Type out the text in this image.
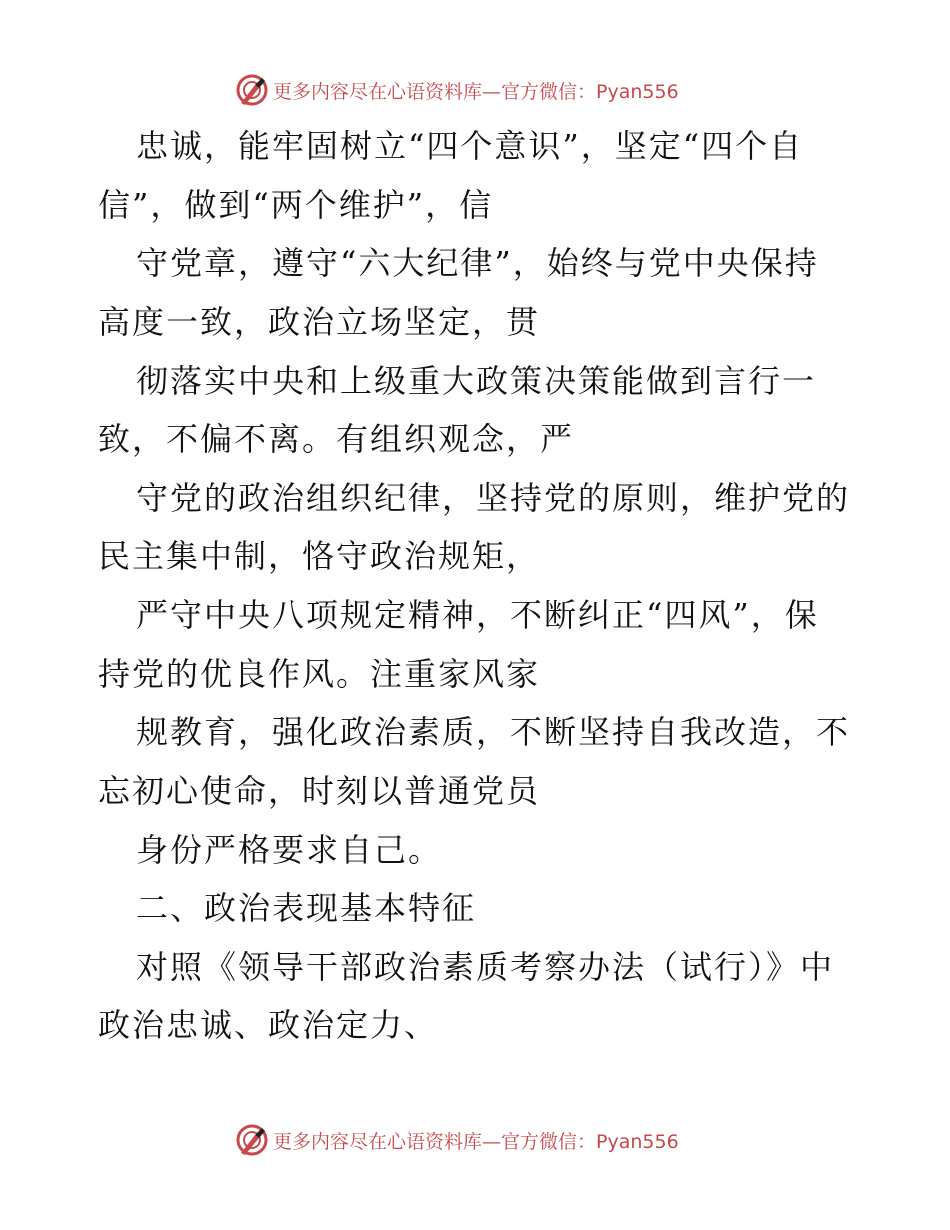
更多内容尽在心语资料库— 官方微信：Pyan556
忠诚，能牢固树立“四个意识”，坚定“四个自
信”，做到“两个维护”，信
守党章，遵守“六大纪律”，始终与党中央保持
高度一致，政治立场坚定，贯
彻落实中央和上级重大政策决策能做到言行一
致，不偏不离。有组织观念，严
守党的政治组织纪律，坚持党的原则，维护党的
民主集中制，恪守政治规矩，
严守中央八项规定精神，不断纠正“四风”，保
持党的优良作风。注重家风家
规教育，强化政治素质，不断坚持自我改造，不
忘初心使命，时刻以普通党员
身份严格要求自己。
二、政治表现基本特征
对照《领导干部政治素质考察办法（试行）》中
政治忠诚、政治定力、
更多内容尽在心语资料库— 官方微信：Pyan556
